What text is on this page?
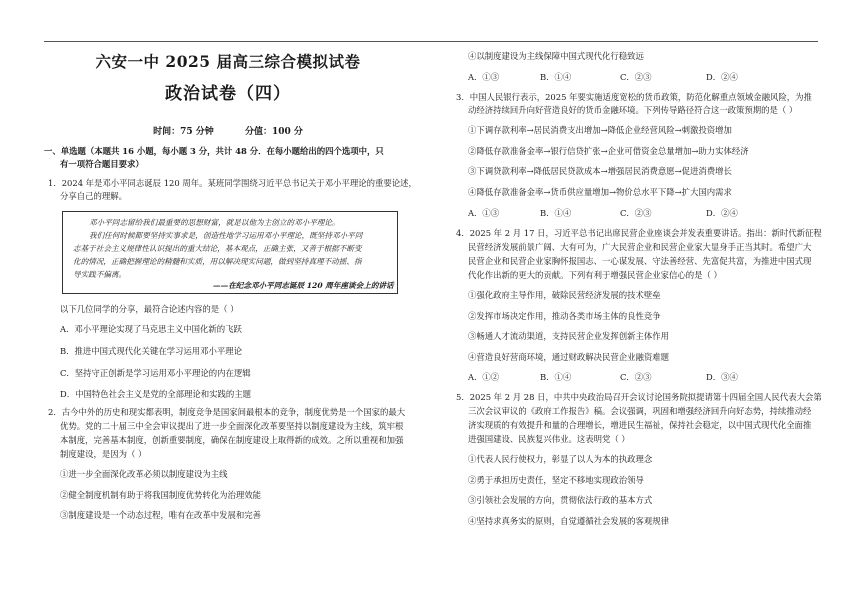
六安一中 2025 届高三综合模拟试卷
政治试卷（四）
时间：75 分钟	分值：100 分
一、单选题（本题共 16 小题，每小题 3 分，共计 48 分．在每小题给出的四个选项中，只
有一项符合题目要求）
1．2024 年是邓小平同志诞辰 120 周年。某班同学围绕习近平总书记关于邓小平理论的重要论述，
分享自己的理解。
邓小平同志留给我们最重要的思想财富，就是以他为主创立的邓小平理论。
我们任何时候都要坚持实事求是，创造性地学习运用邓小平理论，既坚持邓小平同
志基于社会主义规律性认识提出的重大结论，基本观点，正确主张，又善于根据不断变
化的情况，正确把握理论的精髓和实质，用以解决现实问题，做到坚持真理不动摇、指
导实践不偏离。
——在纪念邓小平同志诞辰 120 周年座谈会上的讲话
以下几位同学的分享，最符合论述内容的是（ ）
A．邓小平理论实现了马克思主义中国化新的飞跃
B．推进中国式现代化关键在学习运用邓小平理论
C．坚持守正创新是学习运用邓小平理论的内在逻辑
D．中国特色社会主义是党的全部理论和实践的主题
2．古今中外的历史和现实都表明，制度竞争是国家间最根本的竞争，制度优势是一个国家的最大
优势。党的二十届三中全会审议提出了进一步全面深化改革要坚持以制度建设为主线，筑牢根
本制度，完善基本制度，创新重要制度，确保在制度建设上取得新的成效。之所以重视和加强
制度建设，是因为（ ）
①进一步全面深化改革必须以制度建设为主线
②健全制度机制有助于将我国制度优势转化为治理效能
③制度建设是一个动态过程，唯有在改革中发展和完善
④以制度建设为主线保障中国式现代化行稳致远
A．①③	B．①④	C．②③	D．②④
3．中国人民银行表示，2025 年要实施适度宽松的货币政策，防范化解重点领域金融风险，为推
动经济持续回升向好营造良好的货币金融环境。下列传导路径符合这一政策预期的是（ ）
①下调存款利率→居民消费支出增加→降低企业经营风险→刺激投资增加
②降低存款准备金率→银行信贷扩张→企业可借资金总量增加→助力实体经济
③下调贷款利率→降低居民贷款成本→增强居民消费意愿→促进消费增长
④降低存款准备金率→货币供应量增加→物价总水平下降→扩大国内需求
A．①③	B．①④	C．②③	D．②④
4．2025 年 2 月 17 日，习近平总书记出席民营企业座谈会并发表重要讲话。指出：新时代新征程
民营经济发展前景广阔、大有可为，广大民营企业和民营企业家大显身手正当其时。希望广大
民营企业和民营企业家胸怀报国志、一心谋发展、守法善经营、先富促共富，为推进中国式现
代化作出新的更大的贡献。下列有利于增强民营企业家信心的是（ ）
①强化政府主导作用，破除民营经济发展的技术壁垒
②发挥市场决定作用，推动各类市场主体的良性竞争
③畅通人才流动渠道，支持民营企业发挥创新主体作用
④营造良好营商环境，通过财政解决民营企业融资难题
A．①②	B．①④	C．②③	D．③④
5．2025 年 2 月 28 日，中共中央政治局召开会议讨论国务院拟提请第十四届全国人民代表大会第
三次会议审议的《政府工作报告》稿。会议强调，巩固和增强经济回升向好态势，持续推动经
济实现质的有效提升和量的合理增长，增进民生福祉，保持社会稳定，以中国式现代化全面推
进强国建设、民族复兴伟业。这表明党（ ）
①代表人民行使权力，彰显了以人为本的执政理念
②勇于承担历史责任，坚定不移地实现政治领导
③引领社会发展的方向，贯彻依法行政的基本方式
④坚持求真务实的原则，自觉遵循社会发展的客观规律
